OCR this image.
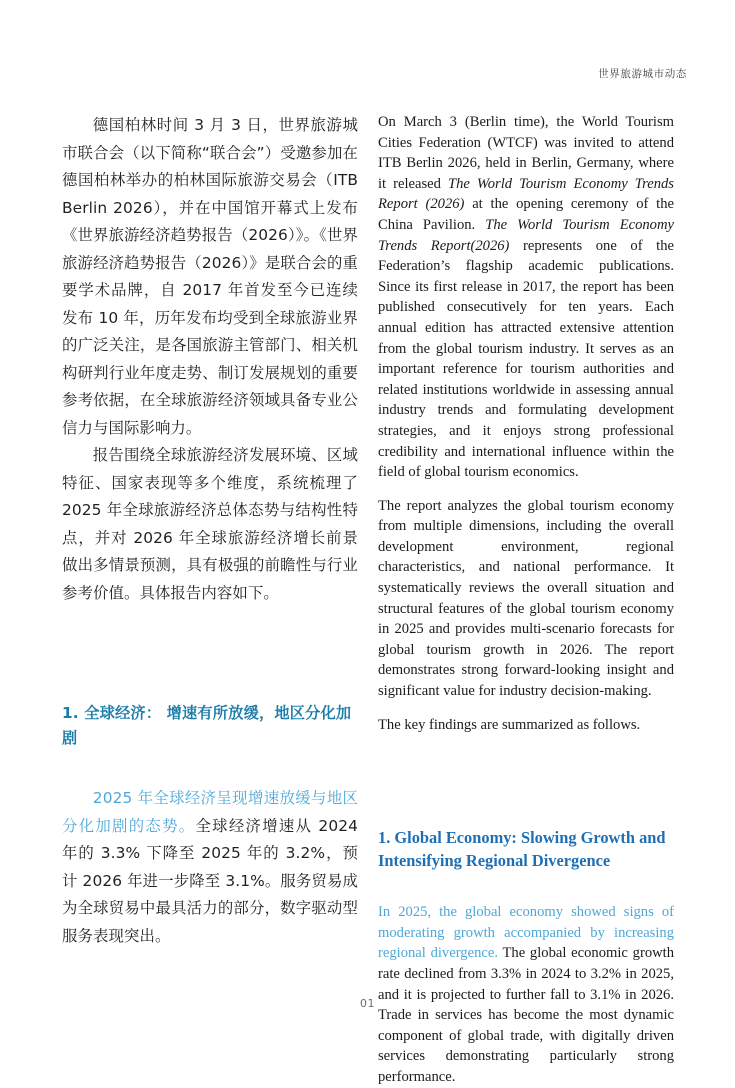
世界旅游城市动态

德国柏林时间 3 月 3 日，世界旅游城市联合会（以下简称“联合会”）受邀参加在德国柏林举办的柏林国际旅游交易会（ITB Berlin 2026），并在中国馆开幕式上发布《世界旅游经济趋势报告（2026）》。《世界旅游经济趋势报告（2026）》是联合会的重要学术品牌，自 2017 年首发至今已连续发布 10 年，历年发布均受到全球旅游业界的广泛关注，是各国旅游主管部门、相关机构研判行业年度走势、制订发展规划的重要参考依据，在全球旅游经济领域具备专业公信力与国际影响力。

报告围绕全球旅游经济发展环境、区域特征、国家表现等多个维度，系统梳理了 2025 年全球旅游经济总体态势与结构性特点，并对 2026 年全球旅游经济增长前景做出多情景预测，具有极强的前瞻性与行业参考价值。具体报告内容如下。

1. 全球经济： 增速有所放缓，地区分化加剧

2025 年全球经济呈现增速放缓与地区分化加剧的态势。全球经济增速从 2024 年的 3.3% 下降至 2025 年的 3.2%，预计 2026 年进一步降至 3.1%。服务贸易成为全球贸易中最具活力的部分，数字驱动型服务表现突出。

On March 3 (Berlin time), the World Tourism Cities Federation (WTCF) was invited to attend ITB Berlin 2026, held in Berlin, Germany, where it released The World Tourism Economy Trends Report (2026) at the opening ceremony of the China Pavilion. The World Tourism Economy Trends Report(2026) represents one of the Federation’s flagship academic publications. Since its first release in 2017, the report has been published consecutively for ten years. Each annual edition has attracted extensive attention from the global tourism industry. It serves as an important reference for tourism authorities and related institutions worldwide in assessing annual industry trends and formulating development strategies, and it enjoys strong professional credibility and international influence within the field of global tourism economics.

The report analyzes the global tourism economy from multiple dimensions, including the overall development environment, regional characteristics, and national performance. It systematically reviews the overall situation and structural features of the global tourism economy in 2025 and provides multi-scenario forecasts for global tourism growth in 2026. The report demonstrates strong forward-looking insight and significant value for industry decision-making.

The key findings are summarized as follows.

1. Global Economy: Slowing Growth and Intensifying Regional Divergence

In 2025, the global economy showed signs of moderating growth accompanied by increasing regional divergence. The global economic growth rate declined from 3.3% in 2024 to 3.2% in 2025, and it is projected to further fall to 3.1% in 2026. Trade in services has become the most dynamic component of global trade, with digitally driven services demonstrating particularly strong performance.

01
